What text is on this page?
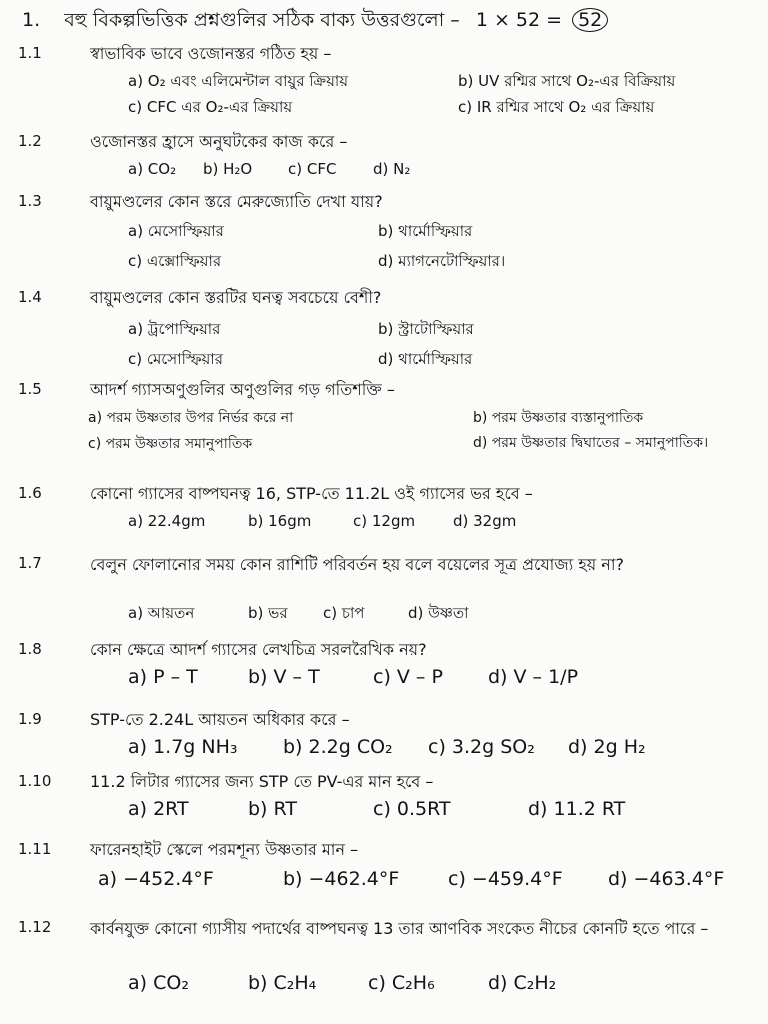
1. বহু বিকল্পভিত্তিক প্রশ্নগুলির সঠিক বাক্য উত্তরগুলো – 1 × 52 = 52
1.1	স্বাভাবিক ভাবে ওজোনস্তর গঠিত হয় –
a) O₂ এবং এলিমেন্টাল বায়ুর ক্রিয়ায়	b) UV রশ্মির সাথে O₂-এর বিক্রিয়ায়
c) CFC এর O₂-এর ক্রিয়ায়	c) IR রশ্মির সাথে O₂ এর ক্রিয়ায়
1.2	ওজোনস্তর হ্রাসে অনুঘটকের কাজ করে –
a) CO₂ b) H₂O c) CFC d) N₂
1.3	বায়ুমণ্ডলের কোন স্তরে মেরুজ্যোতি দেখা যায়?
a) মেসোস্ফিয়ার	b) থার্মোস্ফিয়ার
c) এক্সোস্ফিয়ার	d) ম্যাগনেটোস্ফিয়ার।
1.4	বায়ুমণ্ডলের কোন স্তরটির ঘনত্ব সবচেয়ে বেশী?
a) ট্রপোস্ফিয়ার	b) স্ট্রাটোস্ফিয়ার
c) মেসোস্ফিয়ার	d) থার্মোস্ফিয়ার
1.5	আদর্শ গ্যাসঅণুগুলির অণুগুলির গড় গতিশক্তি –
a) পরম উষ্ণতার উপর নির্ভর করে না	b) পরম উষ্ণতার ব্যস্তানুপাতিক
c) পরম উষ্ণতার সমানুপাতিক	d) পরম উষ্ণতার দ্বিঘাতের – সমানুপাতিক।
1.6	কোনো গ্যাসের বাষ্পঘনত্ব 16, STP-তে 11.2L ওই গ্যাসের ভর হবে –
a) 22.4gm	b) 16gm	c) 12gm	d) 32gm
1.7	বেলুন ফোলানোর সময় কোন রাশিটি পরিবর্তন হয় বলে বয়েলের সূত্র প্রযোজ্য হয় না?
a) আয়তন	b) ভর c) চাপ	d) উষ্ণতা
1.8	কোন ক্ষেত্রে আদর্শ গ্যাসের লেখচিত্র সরলরৈখিক নয়?
a) P – T	b) V – T	c) V – P d) V – 1/P
1.9	STP-তে 2.24L আয়তন অধিকার করে –
a) 1.7g NH₃ b) 2.2g CO₂ c) 3.2g SO₂ d) 2g H₂
1.10	11.2 লিটার গ্যাসের জন্য STP তে PV-এর মান হবে –
a) 2RT	b) RT	c) 0.5RT	d) 11.2 RT
1.11	ফারেনহাইট স্কেলে পরমশূন্য উষ্ণতার মান –
a) −452.4°F	b) −462.4°F	c) −459.4°F d) −463.4°F
1.12	কার্বনযুক্ত কোনো গ্যাসীয় পদার্থের বাষ্পঘনত্ব 13 তার আণবিক সংকেত নীচের কোনটি হতে পারে –
a) CO₂	b) C₂H₄	c) C₂H₆	d) C₂H₂
